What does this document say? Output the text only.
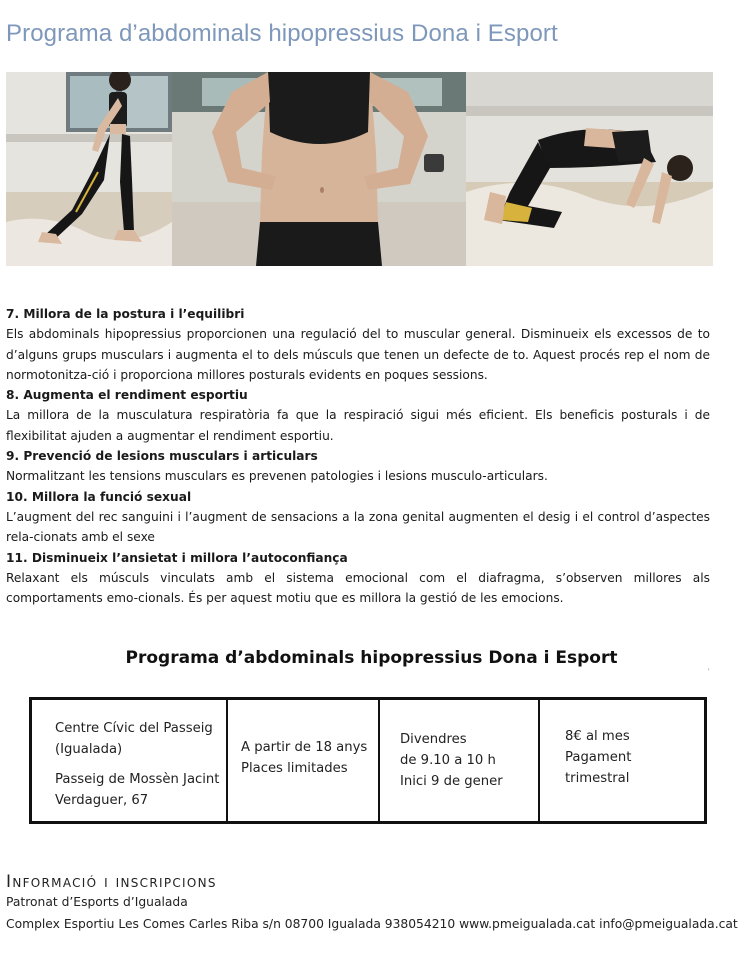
Programa d’abdominals hipopressius Dona i Esport
7. Millora de la postura i l’equilibri
Els abdominals hipopressius proporcionen una regulació del to muscular general. Disminueix els excessos de to d’alguns grups musculars i augmenta el to dels músculs que tenen un defecte de to. Aquest procés rep el nom de normotonitza-ció i proporciona millores posturals evidents en poques sessions.
8. Augmenta el rendiment esportiu
La millora de la musculatura respiratòria fa que la respiració sigui més eficient. Els beneficis posturals i de flexibilitat ajuden a augmentar el rendiment esportiu.
9. Prevenció de lesions musculars i articulars
Normalitzant les tensions musculars es prevenen patologies i lesions musculo-articulars.
10. Millora la funció sexual
L’augment del rec sanguini i l’augment de sensacions a la zona genital augmenten el desig i el control d’aspectes rela-cionats amb el sexe
11. Disminueix l’ansietat i millora l’autoconfiança
Relaxant els músculs vinculats amb el sistema emocional com el diafragma, s’observen millores als comportaments emo-cionals. És per aquest motiu que es millora la gestió de les emocions.
Programa d’abdominals hipopressius Dona i Esport
'
Centre Cívic del Passeig
(Igualada)
Passeig de Mossèn Jacint
Verdaguer, 67
A partir de 18 anys
Places limitades
Divendres
de 9.10 a 10 h
Inici 9 de gener
8€ al mes
Pagament
trimestral
Informació i inscripcions
Patronat d’Esports d’Igualada
Complex Esportiu Les Comes Carles Riba s/n 08700 Igualada 938054210 www.pmeigualada.cat info@pmeigualada.cat
